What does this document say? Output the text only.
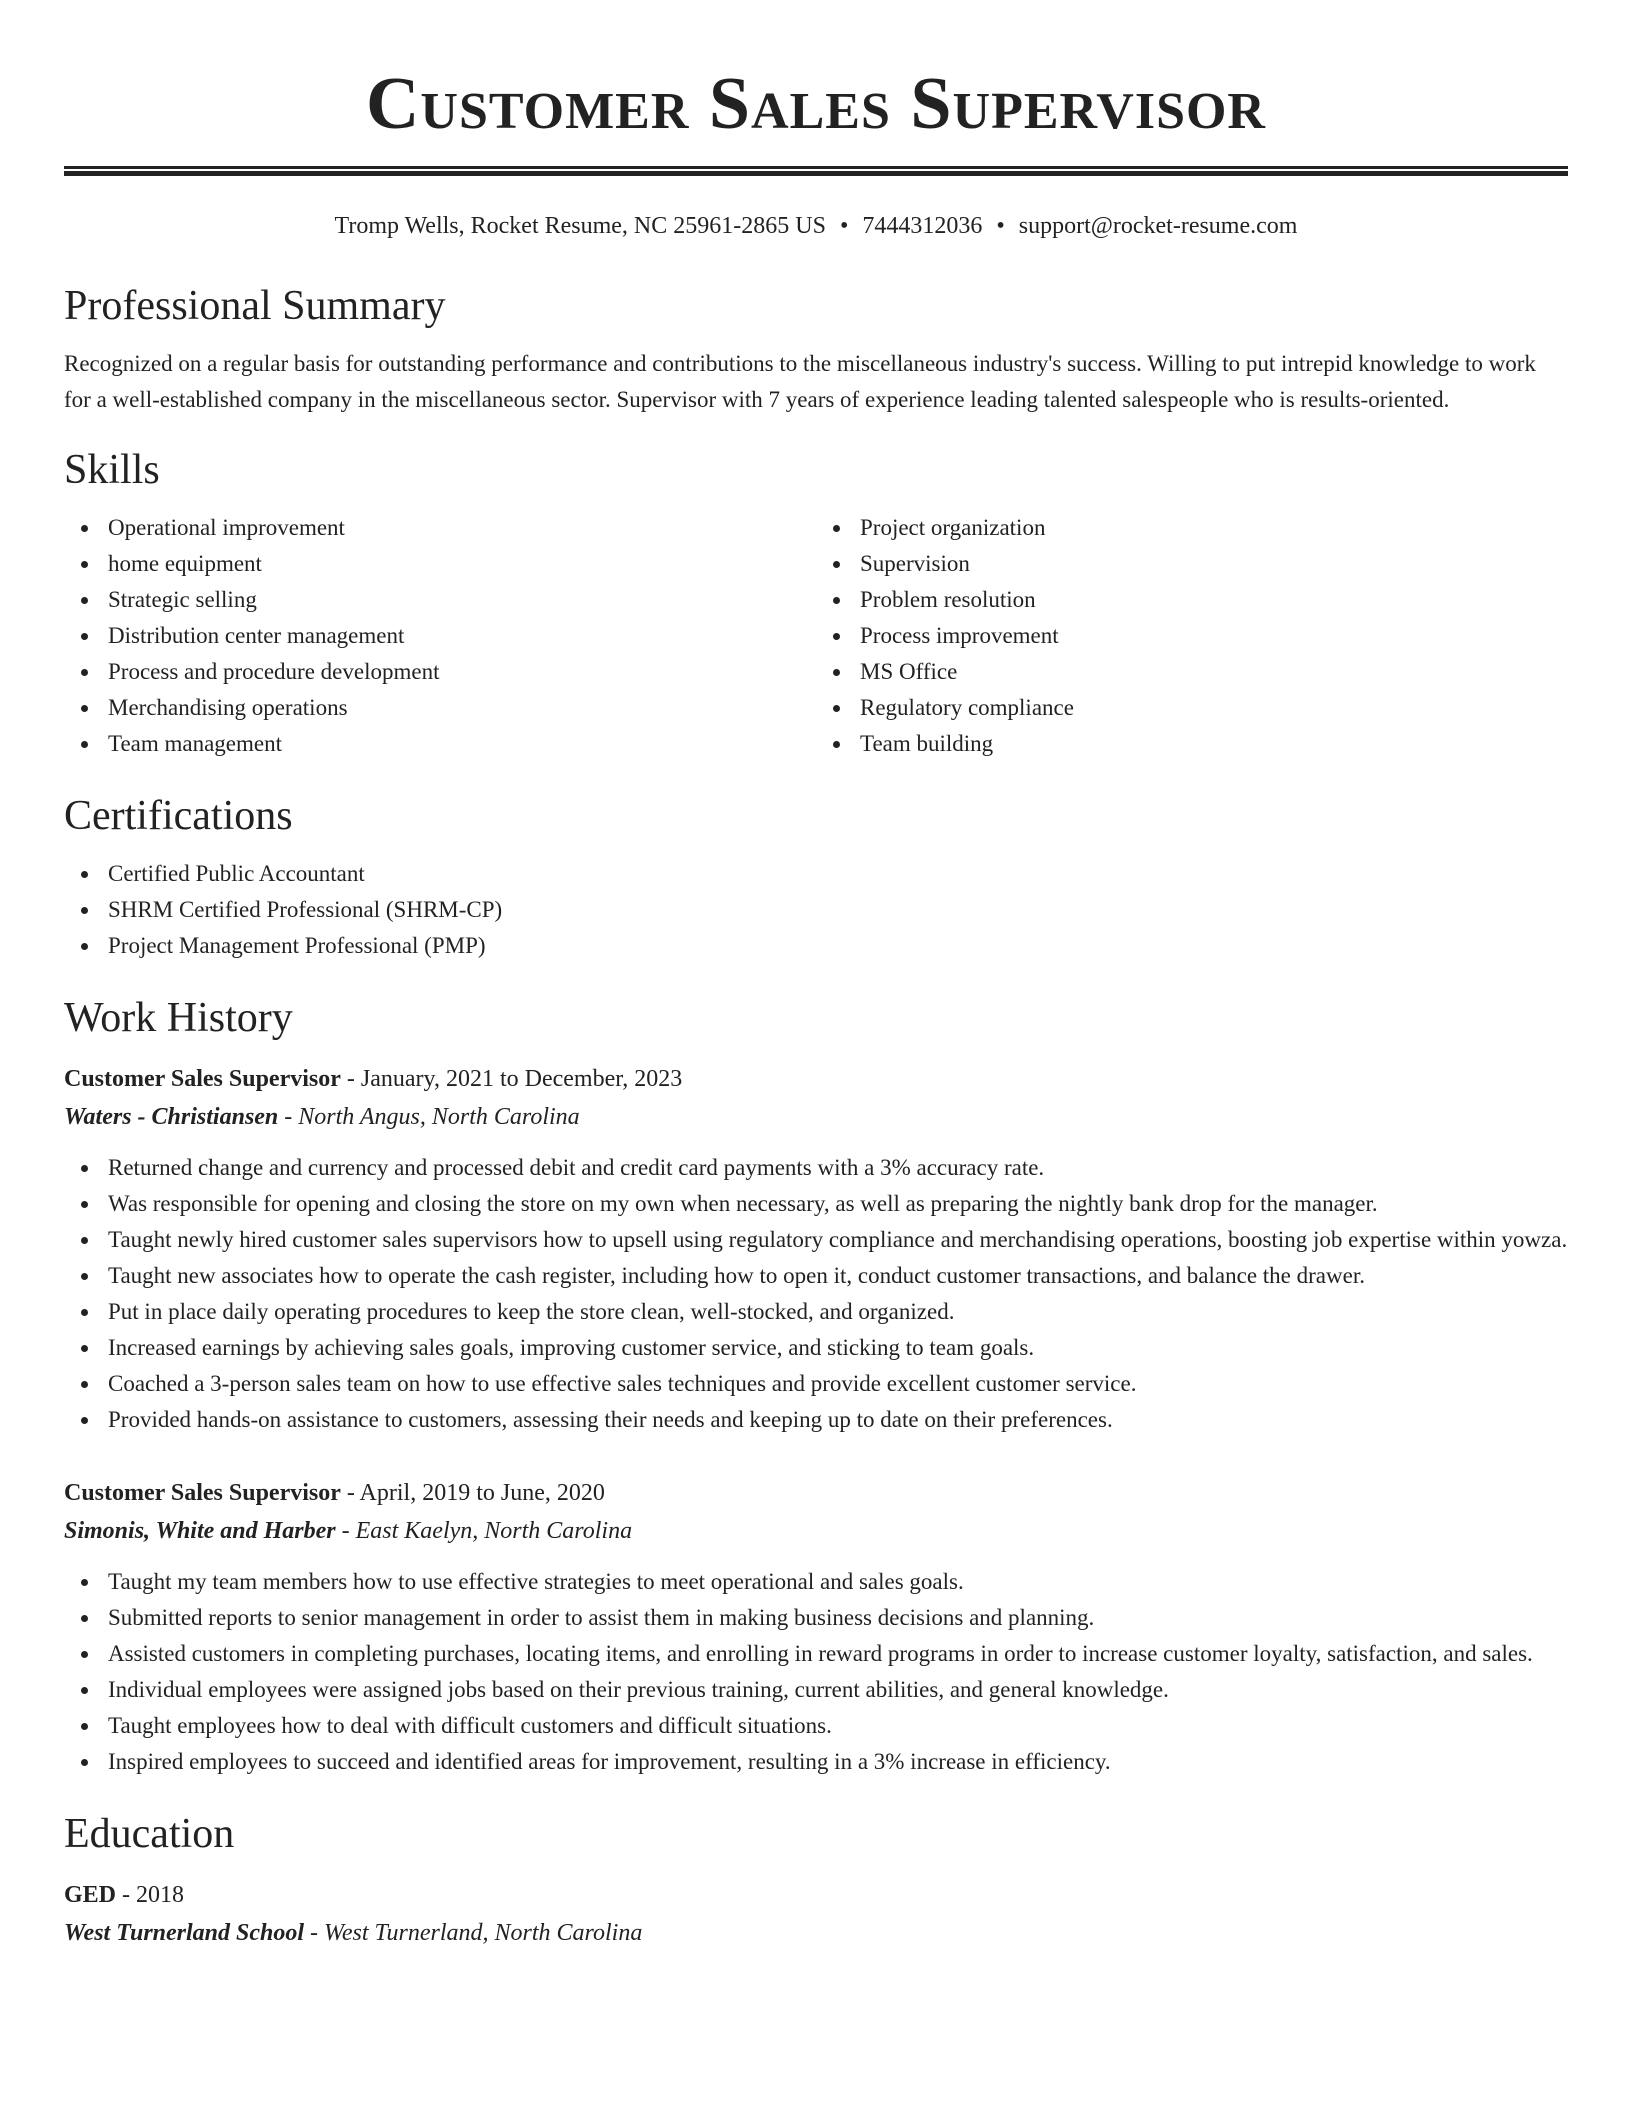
Customer Sales Supervisor
Tromp Wells, Rocket Resume, NC 25961-2865 US • 7444312036 • support@rocket-resume.com
Professional Summary

Recognized on a regular basis for outstanding performance and contributions to the miscellaneous industry's success. Willing to put intrepid knowledge to work for a well-established company in the miscellaneous sector. Supervisor with 7 years of experience leading talented salespeople who is results-oriented.

Skills
Operational improvement
home equipment
Strategic selling
Distribution center management
Process and procedure development
Merchandising operations
Team management
Project organization
Supervision
Problem resolution
Process improvement
MS Office
Regulatory compliance
Team building
Certifications
Certified Public Accountant
SHRM Certified Professional (SHRM-CP)
Project Management Professional (PMP)
Work History
Customer Sales Supervisor - January, 2021 to December, 2023
Waters - Christiansen - North Angus, North Carolina
Returned change and currency and processed debit and credit card payments with a 3% accuracy rate.
Was responsible for opening and closing the store on my own when necessary, as well as preparing the nightly bank drop for the manager.
Taught newly hired customer sales supervisors how to upsell using regulatory compliance and merchandising operations, boosting job expertise within yowza.
Taught new associates how to operate the cash register, including how to open it, conduct customer transactions, and balance the drawer.
Put in place daily operating procedures to keep the store clean, well-stocked, and organized.
Increased earnings by achieving sales goals, improving customer service, and sticking to team goals.
Coached a 3-person sales team on how to use effective sales techniques and provide excellent customer service.
Provided hands-on assistance to customers, assessing their needs and keeping up to date on their preferences.
Customer Sales Supervisor - April, 2019 to June, 2020
Simonis, White and Harber - East Kaelyn, North Carolina
Taught my team members how to use effective strategies to meet operational and sales goals.
Submitted reports to senior management in order to assist them in making business decisions and planning.
Assisted customers in completing purchases, locating items, and enrolling in reward programs in order to increase customer loyalty, satisfaction, and sales.
Individual employees were assigned jobs based on their previous training, current abilities, and general knowledge.
Taught employees how to deal with difficult customers and difficult situations.
Inspired employees to succeed and identified areas for improvement, resulting in a 3% increase in efficiency.
Education
GED - 2018
West Turnerland School - West Turnerland, North Carolina
